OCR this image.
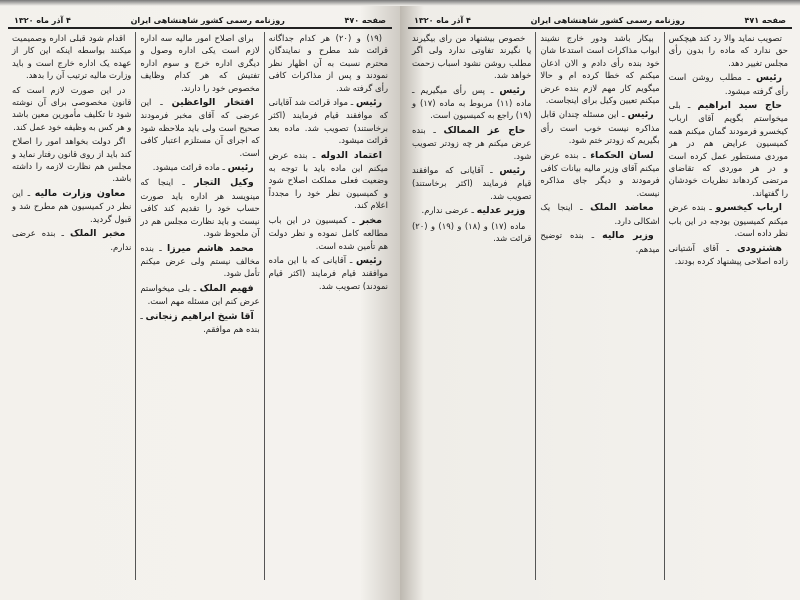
صفحه ۴۷۰
روزنامه رسمی کشور شاهنشاهی ایران
۴ آذر ماه ۱۳۲۰

(۱۹) و (۲۰) هر کدام جداگانه قرائت شد مطرح و نمایندگان محترم نسبت به آن اظهار نظر نمودند و پس از مذاکرات کافی رأی گرفته شد.

رئیس ـ مواد قرائت شد آقایانی که موافقند قیام فرمایند (اکثر برخاستند) تصویب شد. ماده بعد قرائت میشود.

اعتماد الدوله ـ بنده عرض میکنم این ماده باید با توجه به وضعیت فعلی مملکت اصلاح شود و کمیسیون نظر خود را مجدداً اعلام کند.

مخبر ـ کمیسیون در این باب مطالعه کامل نموده و نظر دولت هم تأمین شده است.

رئیس ـ آقایانی که با این ماده موافقند قیام فرمایند (اکثر قیام نمودند) تصویب شد.

برای اصلاح امور مالیه سه اداره لازم است یکی اداره وصول و دیگری اداره خرج و سوم اداره تفتیش که هر کدام وظایف مخصوص خود را دارند.

افتخار الواعظین ـ این عرضی که آقای مخبر فرمودند صحیح است ولی باید ملاحظه شود که اجرای آن مستلزم اعتبار کافی است.

رئیس ـ ماده قرائت میشود.

وکیل التجار ـ اینجا که مینویسد هر اداره باید صورت حساب خود را تقدیم کند کافی نیست و باید نظارت مجلس هم در آن ملحوظ شود.

محمد هاشم میرزا ـ بنده مخالف نیستم ولی عرض میکنم تأمل شود.

فهیم الملک ـ بلی میخواستم عرض کنم این مسئله مهم است.

آقا شیخ ابراهیم زنجانی ـ بنده هم موافقم.

اقدام شود قبلی اداره وصمیمیت میکنند بواسطه اینکه این کار از عهده یک اداره خارج است و باید وزارت مالیه ترتیب آن را بدهد.

در این صورت لازم است که قانون مخصوصی برای آن نوشته شود تا تکلیف مأمورین معین باشد و هر کس به وظیفه خود عمل کند.

اگر دولت بخواهد امور را اصلاح کند باید از روی قانون رفتار نماید و مجلس هم نظارت لازمه را داشته باشد.

معاون وزارت مالیه ـ این نظر در کمیسیون هم مطرح شد و قبول گردید.

مخبر الملک ـ بنده عرضی ندارم.

صفحه ۴۷۱
روزنامه رسمی کشور شاهنشاهی ایران
۴ آذر ماه ۱۳۲۰

تصویب نماید والا رد کند هیچکس حق ندارد که ماده را بدون رأی مجلس تغییر دهد.

رئیس ـ مطلب روشن است رأی گرفته میشود.

حاج سید ابراهیم ـ بلی میخواستم بگویم آقای ارباب کیخسرو فرمودند گمان میکنم همه کمیسیون عرایض هم در هر موردی مستطور عمل کرده است و در هر موردی که تقاضای مرتضی کردهاند نظریات خودشان را گفتهاند.

ارباب کیخسرو ـ بنده عرض میکنم کمیسیون بودجه در این باب نظر داده است.

هشترودی ـ آقای آشتیانی زاده اصلاحی پیشنهاد کرده بودند.

بیکار باشد ودور خارج نشیند ابواب مذاکرات است استدعا شان خود بنده رأی دادم و الان اذعان میکنم که خطا کرده ام و حالا میگویم کار مهم لازم بنده عرض میکنم تعیین وکیل برای اینجاست.

رئیس ـ این مسئله چندان قابل مذاکره نیست خوب است رأی بگیریم که زودتر ختم شود.

لسان الحکماء ـ بنده عرض میکنم آقای وزیر مالیه بیانات کافی فرمودند و دیگر جای مذاکره نیست.

معاضد الملک ـ اینجا یک اشکالی دارد.

وزیر مالیه ـ بنده توضیح میدهم.

خصوص بیشنهاد من رای بیگیرند یا نگیرند تفاوتی ندارد ولی اگر مطلب روشن نشود اسباب زحمت خواهد شد.

رئیس ـ پس رأی میگیریم ـ ماده (۱۱) مربوط به ماده (۱۷) و (۱۹) راجع به کمیسیون است.

حاج عز الممالک ـ بنده عرض میکنم هر چه زودتر تصویب شود.

رئیس ـ آقایانی که موافقند قیام فرمایند (اکثر برخاستند) تصویب شد.

وزیر عدلیه ـ عرضی ندارم.

ماده (۱۷) و (۱۸) و (۱۹) و (۲۰) قرائت شد.
